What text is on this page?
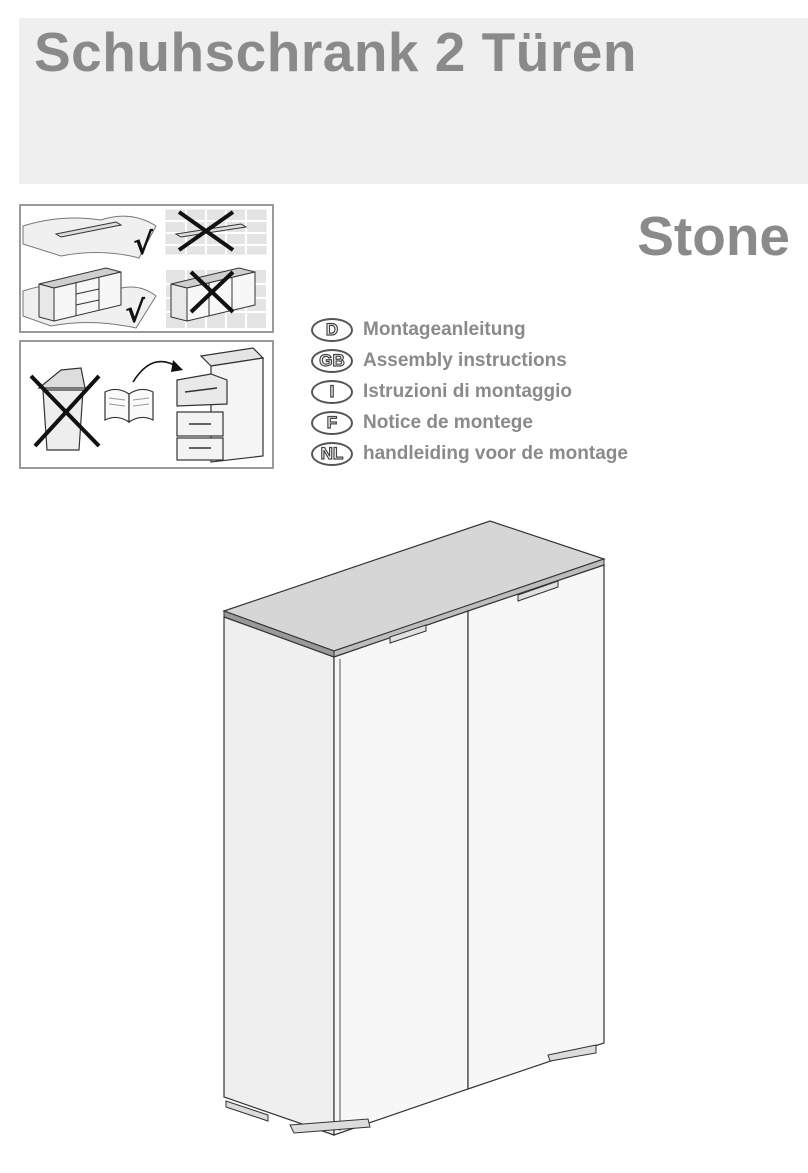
Schuhschrank 2 Türen
Stone
√
√	D	Montageanleitung
GB Assembly instructions
I	Istruzioni di montaggio
F	Notice de montege
NL	handleiding voor de montage
